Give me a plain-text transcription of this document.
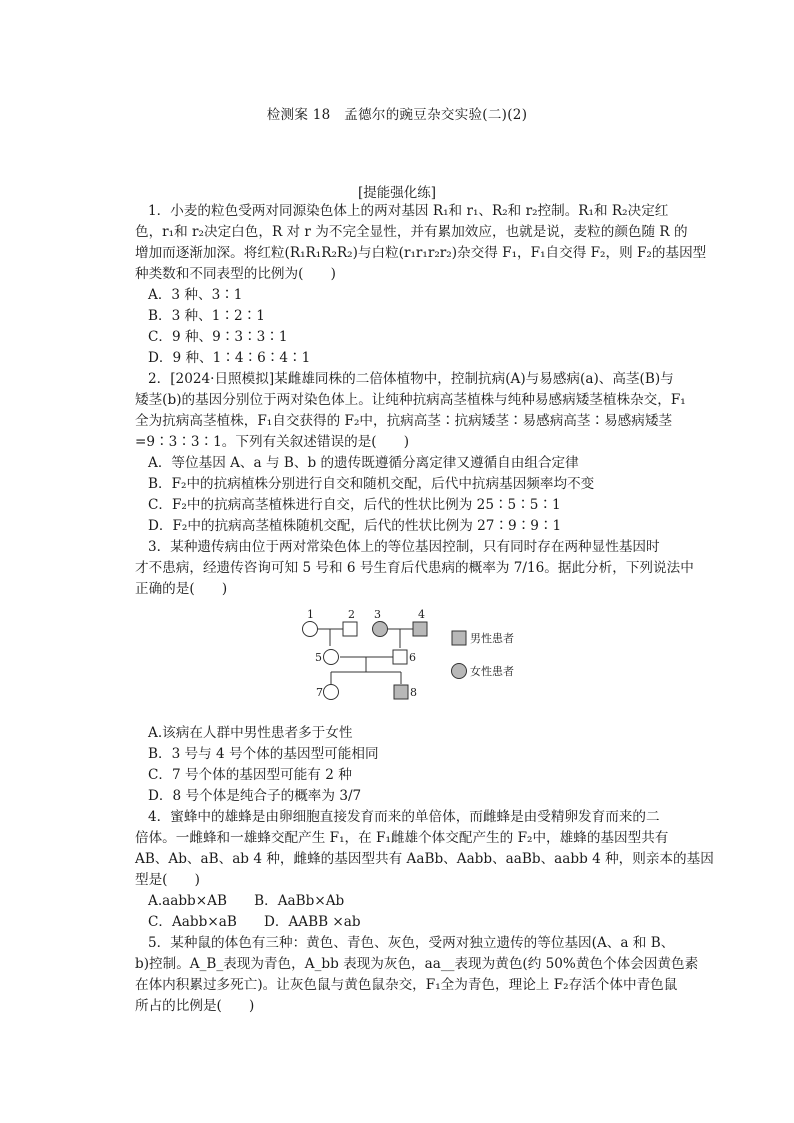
检测案 18　孟德尔的豌豆杂交实验(二)(2)
[提能强化练]
1．小麦的粒色受两对同源染色体上的两对基因 R₁和 r₁、R₂和 r₂控制。R₁和 R₂决定红
色，r₁和 r₂决定白色，R 对 r 为不完全显性，并有累加效应，也就是说，麦粒的颜色随 R 的
增加而逐渐加深。将红粒(R₁R₁R₂R₂)与白粒(r₁r₁r₂r₂)杂交得 F₁，F₁自交得 F₂，则 F₂的基因型
种类数和不同表型的比例为(　　)
A．3 种、3∶1
B．3 种、1∶2∶1
C．9 种、9∶3∶3∶1
D．9 种、1∶4∶6∶4∶1
2．[2024·日照模拟]某雌雄同株的二倍体植物中，控制抗病(A)与易感病(a)、高茎(B)与
矮茎(b)的基因分别位于两对染色体上。让纯种抗病高茎植株与纯种易感病矮茎植株杂交，F₁
全为抗病高茎植株，F₁自交获得的 F₂中，抗病高茎∶抗病矮茎∶易感病高茎∶易感病矮茎
=9∶3∶3∶1。下列有关叙述错误的是(　　)
A．等位基因 A、a 与 B、b 的遗传既遵循分离定律又遵循自由组合定律
B．F₂中的抗病植株分别进行自交和随机交配，后代中抗病基因频率均不变
C．F₂中的抗病高茎植株进行自交，后代的性状比例为 25∶5∶5∶1
D．F₂中的抗病高茎植株随机交配，后代的性状比例为 27∶9∶9∶1
3．某种遗传病由位于两对常染色体上的等位基因控制，只有同时存在两种显性基因时
才不患病，经遗传咨询可知 5 号和 6 号生育后代患病的概率为 7/16。据此分析，下列说法中
正确的是(　　)
1	2 3	4
5	6
7	8
男性患者
女性患者
A.该病在人群中男性患者多于女性
B．3 号与 4 号个体的基因型可能相同
C．7 号个体的基因型可能有 2 种
D．8 号个体是纯合子的概率为 3/7
4．蜜蜂中的雄蜂是由卵细胞直接发育而来的单倍体，而雌蜂是由受精卵发育而来的二
倍体。一雌蜂和一雄蜂交配产生 F₁，在 F₁雌雄个体交配产生的 F₂中，雄蜂的基因型共有
AB、Ab、aB、ab 4 种，雌蜂的基因型共有 AaBb、Aabb、aaBb、aabb 4 种，则亲本的基因
型是(　　)
A.aabb×AB　　B．AaBb×Ab
C．Aabb×aB　　D．AABB ×ab
5．某种鼠的体色有三种：黄色、青色、灰色，受两对独立遗传的等位基因(A、a 和 B、
b)控制。A_B_表现为青色，A_bb 表现为灰色，aa__表现为黄色(约 50%黄色个体会因黄色素
在体内积累过多死亡)。让灰色鼠与黄色鼠杂交，F₁全为青色，理论上 F₂存活个体中青色鼠
所占的比例是(　　)
